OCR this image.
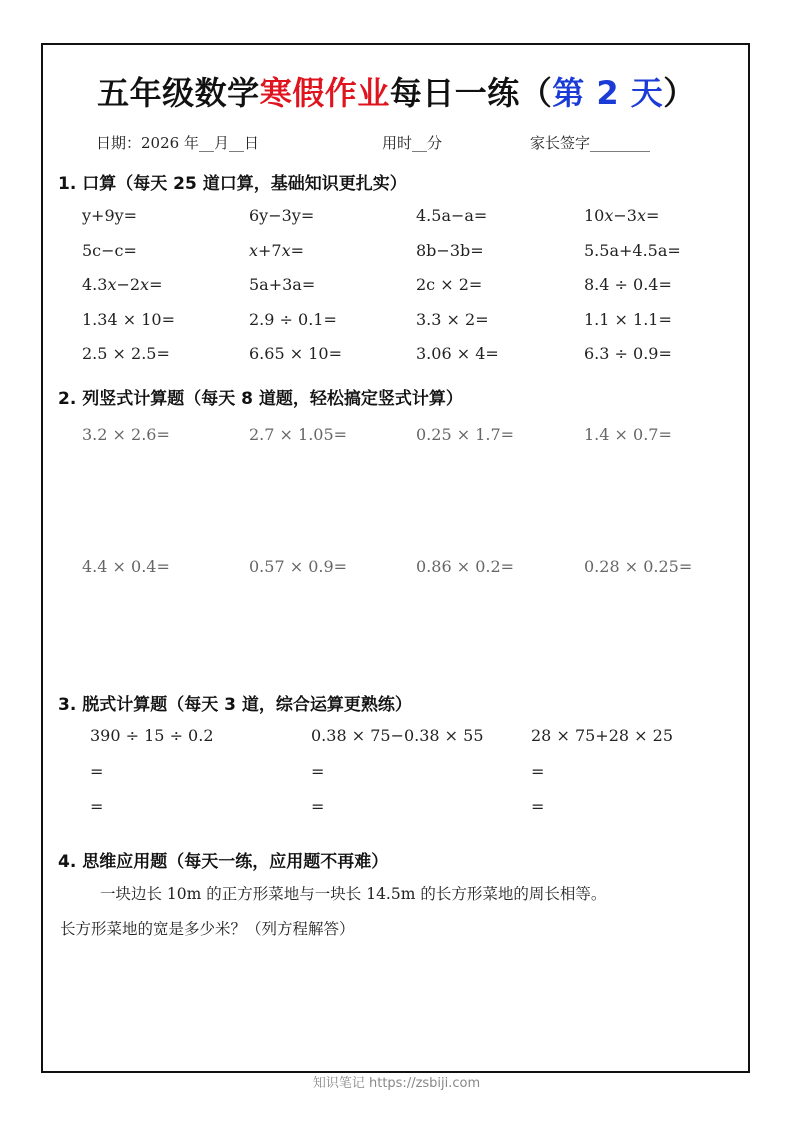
五年级数学寒假作业每日一练（第 2 天）
日期：2026 年__月__日	用时__分	家长签字________
1. 口算（每天 25 道口算，基础知识更扎实）
y+9y=	6y−3y=	4.5a−a=	10𝑥−3𝑥=
5c−c=	𝑥+7𝑥=	8b−3b=	5.5a+4.5a=
4.3𝑥−2𝑥=	5a+3a=	2c × 2=	8.4 ÷ 0.4=
1.34 × 10=	2.9 ÷ 0.1=	3.3 × 2=	1.1 × 1.1=
2.5 × 2.5=	6.65 × 10=	3.06 × 4=	6.3 ÷ 0.9=
2. 列竖式计算题（每天 8 道题，轻松搞定竖式计算）
3.2 × 2.6=	2.7 × 1.05=	0.25 × 1.7=	1.4 × 0.7=
4.4 × 0.4=	0.57 × 0.9=	0.86 × 0.2=	0.28 × 0.25=
3. 脱式计算题（每天 3 道，综合运算更熟练）
390 ÷ 15 ÷ 0.2
=
=
0.38 × 75−0.38 × 55
=
=
28 × 75+28 × 25
=
=
4. 思维应用题（每天一练，应用题不再难）
一块边长 10m 的正方形菜地与一块长 14.5m 的长方形菜地的周长相等。
长方形菜地的宽是多少米？（列方程解答）
知识笔记 https://zsbiji.com
